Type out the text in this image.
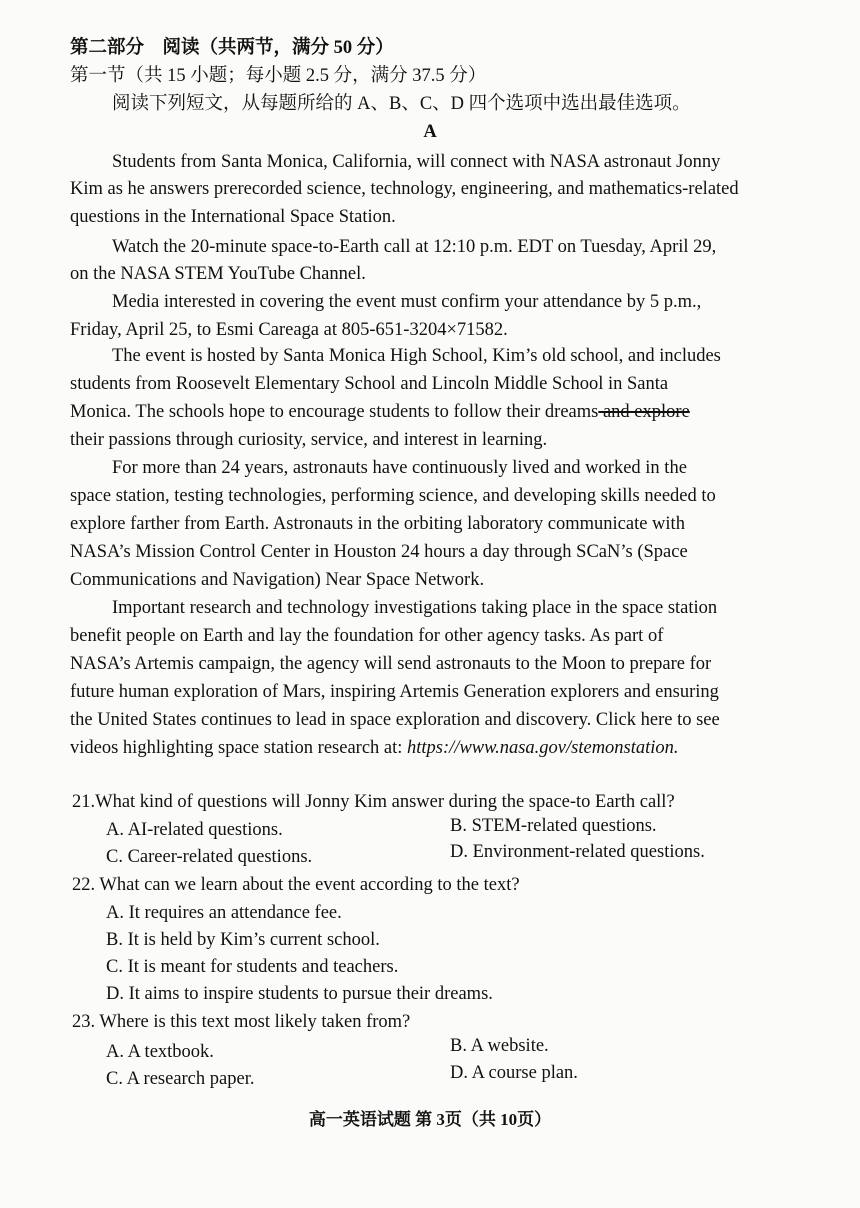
第二部分　阅读（共两节，满分 50 分）
第一节（共 15 小题；每小题 2.5 分，满分 37.5 分）
阅读下列短文，从每题所给的 A、B、C、D 四个选项中选出最佳选项。
A
Students from Santa Monica, California, will connect with NASA astronaut Jonny
Kim as he answers prerecorded science, technology, engineering, and mathematics-related
questions in the International Space Station.
Watch the 20-minute space-to-Earth call at 12:10 p.m. EDT on Tuesday, April 29,
on the NASA STEM YouTube Channel.
Media interested in covering the event must confirm your attendance by 5 p.m.,
Friday, April 25, to Esmi Careaga at 805-651-3204×71582.
The event is hosted by Santa Monica High School, Kim’s old school, and includes
students from Roosevelt Elementary School and Lincoln Middle School in Santa
Monica. The schools hope to encourage students to follow their dreams and explore
their passions through curiosity, service, and interest in learning.
For more than 24 years, astronauts have continuously lived and worked in the
space station, testing technologies, performing science, and developing skills needed to
explore farther from Earth. Astronauts in the orbiting laboratory communicate with
NASA’s Mission Control Center in Houston 24 hours a day through SCaN’s (Space
Communications and Navigation) Near Space Network.
Important research and technology investigations taking place in the space station
benefit people on Earth and lay the foundation for other agency tasks. As part of
NASA’s Artemis campaign, the agency will send astronauts to the Moon to prepare for
future human exploration of Mars, inspiring Artemis Generation explorers and ensuring
the United States continues to lead in space exploration and discovery. Click here to see
videos highlighting space station research at: https://www.nasa.gov/stemonstation.
21.What kind of questions will Jonny Kim answer during the space-to Earth call?
A. AI-related questions.	B. STEM-related questions.
C. Career-related questions.	D. Environment-related questions.
22. What can we learn about the event according to the text?
A. It requires an attendance fee.
B. It is held by Kim’s current school.
C. It is meant for students and teachers.
D. It aims to inspire students to pursue their dreams.
23. Where is this text most likely taken from?
A. A textbook.	B. A website.
C. A research paper.	D. A course plan.
高一英语试题 第 3页（共 10页）
